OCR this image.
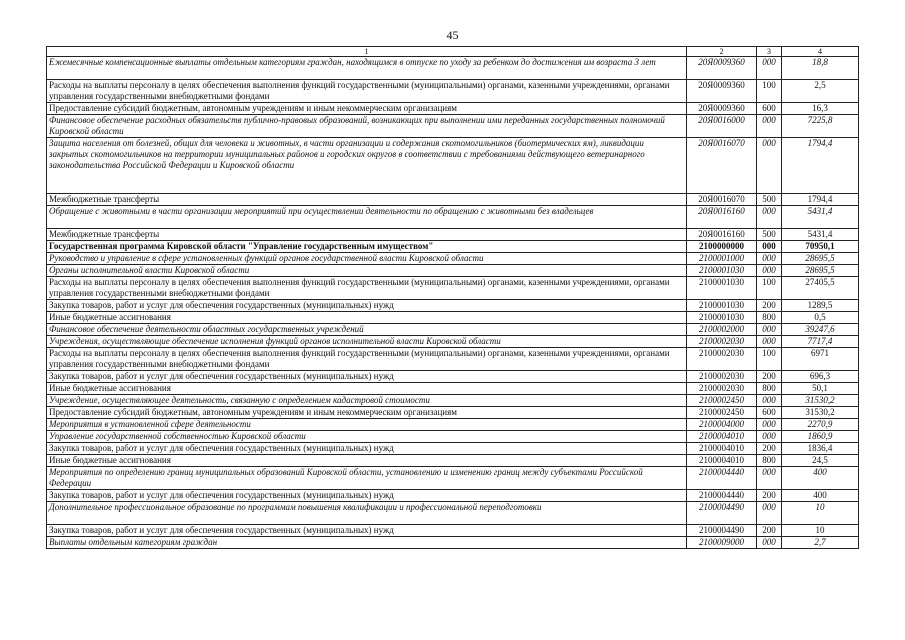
45
1	2	3	4
Ежемесячные компенсационные выплаты отдельным категориям граждан, находящимся в отпуске по уходу за ребенком до достижения им возраста 3 лет	20Я0009360	000	18,8
Расходы на выплаты персоналу в целях обеспечения выполнения функций государственными (муниципальными) органами, казенными учреждениями, органами управления государственными внебюджетными фондами	20Я0009360	100	2,5
Предоставление субсидий бюджетным, автономным учреждениям и иным некоммерческим организациям	20Я0009360	600	16,3
Финансовое обеспечение расходных обязательств публично-правовых образований, возникающих при выполнении ими переданных государственных полномочий Кировской области	20Я0016000	000	7225,8
Защита населения от болезней, общих для человека и животных, в части организации и содержания скотомогильников (биотермических ям), ликвидации закрытых скотомогильников на территории муниципальных районов и городских округов в соответствии с требованиями действующего ветеринарного законодательства Российской Федерации и Кировской области	20Я0016070	000	1794,4
Межбюджетные трансферты	20Я0016070	500	1794,4
Обращение с животными в части организации мероприятий при осуществлении деятельности по обращению с животными без владельцев	20Я0016160	000	5431,4
Межбюджетные трансферты	20Я0016160	500	5431,4
Государственная программа Кировской области "Управление государственным имуществом"	2100000000	000	70950,1
Руководство и управление в сфере установленных функций органов государственной власти Кировской области	2100001000	000	28695,5
Органы исполнительной власти Кировской области	2100001030	000	28695,5
Расходы на выплаты персоналу в целях обеспечения выполнения функций государственными (муниципальными) органами, казенными учреждениями, органами управления государственными внебюджетными фондами	2100001030	100	27405,5
Закупка товаров, работ и услуг для обеспечения государственных (муниципальных) нужд	2100001030	200	1289,5
Иные бюджетные ассигнования	2100001030	800	0,5
Финансовое обеспечение деятельности областных государственных учреждений	2100002000	000	39247,6
Учреждения, осуществляющие обеспечение исполнения функций органов исполнительной власти Кировской области	2100002030	000	7717,4
Расходы на выплаты персоналу в целях обеспечения выполнения функций государственными (муниципальными) органами, казенными учреждениями, органами управления государственными внебюджетными фондами	2100002030	100	6971
Закупка товаров, работ и услуг для обеспечения государственных (муниципальных) нужд	2100002030	200	696,3
Иные бюджетные ассигнования	2100002030	800	50,1
Учреждение, осуществляющее деятельность, связанную с определением кадастровой стоимости	2100002450	000	31530,2
Предоставление субсидий бюджетным, автономным учреждениям и иным некоммерческим организациям	2100002450	600	31530,2
Мероприятия в установленной сфере деятельности	2100004000	000	2270,9
Управление государственной собственностью Кировской области	2100004010	000	1860,9
Закупка товаров, работ и услуг для обеспечения государственных (муниципальных) нужд	2100004010	200	1836,4
Иные бюджетные ассигнования	2100004010	800	24,5
Мероприятия по определению границ муниципальных образований Кировской области, установлению и изменению границ между субъектами Российской Федерации	2100004440	000	400
Закупка товаров, работ и услуг для обеспечения государственных (муниципальных) нужд	2100004440	200	400
Дополнительное профессиональное образование по программам повышения квалификации и профессиональной переподготовки	2100004490	000	10
Закупка товаров, работ и услуг для обеспечения государственных (муниципальных) нужд	2100004490	200	10
Выплаты отдельным категориям граждан	2100009000	000	2,7
